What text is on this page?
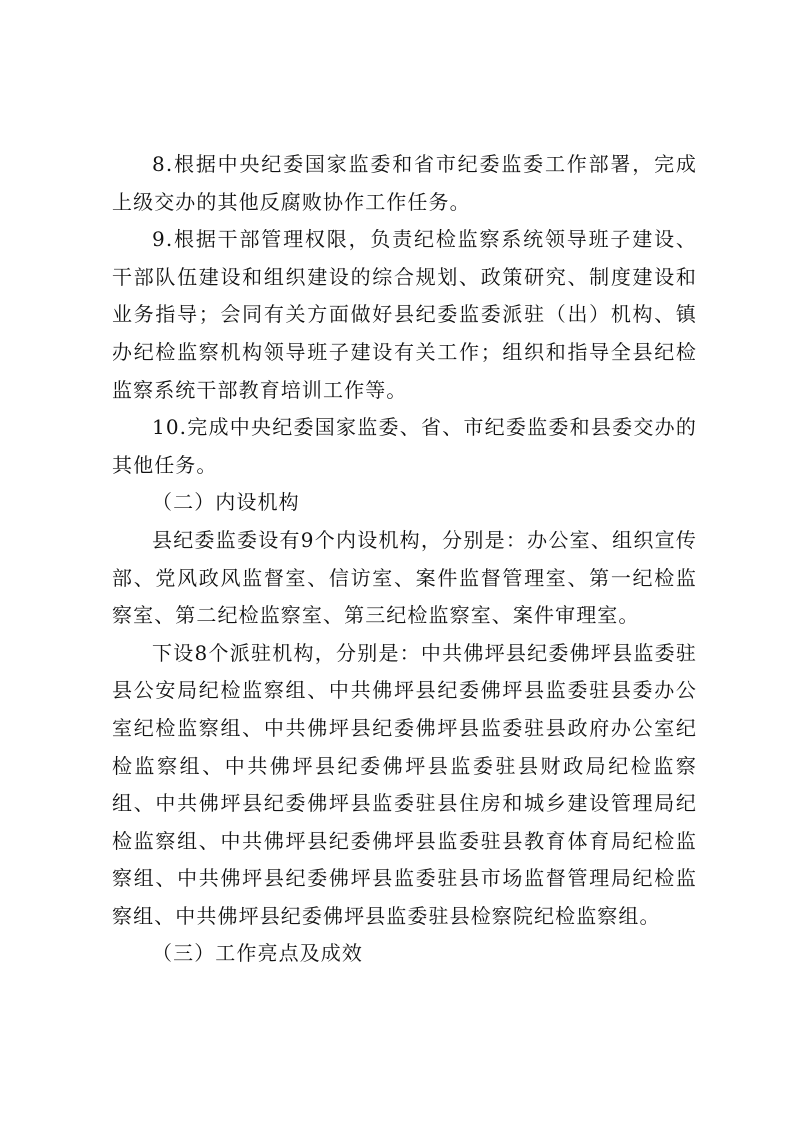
8.根据中央纪委国家监委和省市纪委监委工作部署，完成上级交办的其他反腐败协作工作任务。

9.根据干部管理权限，负责纪检监察系统领导班子建设、干部队伍建设和组织建设的综合规划、政策研究、制度建设和业务指导；会同有关方面做好县纪委监委派驻（出）机构、镇办纪检监察机构领导班子建设有关工作；组织和指导全县纪检监察系统干部教育培训工作等。

10.完成中央纪委国家监委、省、市纪委监委和县委交办的其他任务。

（二）内设机构

县纪委监委设有9个内设机构，分别是：办公室、组织宣传部、党风政风监督室、信访室、案件监督管理室、第一纪检监察室、第二纪检监察室、第三纪检监察室、案件审理室。

下设8个派驻机构，分别是：中共佛坪县纪委佛坪县监委驻县公安局纪检监察组、中共佛坪县纪委佛坪县监委驻县委办公室纪检监察组、中共佛坪县纪委佛坪县监委驻县政府办公室纪检监察组、中共佛坪县纪委佛坪县监委驻县财政局纪检监察组、中共佛坪县纪委佛坪县监委驻县住房和城乡建设管理局纪检监察组、中共佛坪县纪委佛坪县监委驻县教育体育局纪检监察组、中共佛坪县纪委佛坪县监委驻县市场监督管理局纪检监察组、中共佛坪县纪委佛坪县监委驻县检察院纪检监察组。

（三）工作亮点及成效
